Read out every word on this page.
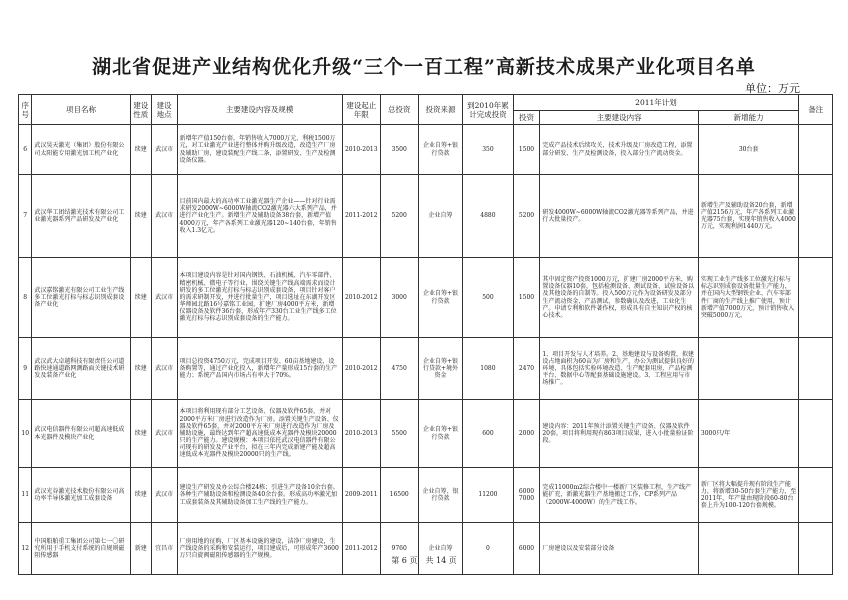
湖北省促进产业结构优化升级“三个一百工程”高新技术成果产业化项目名单
单位：万元
序号	项目名称	建设性质	建设地点	主要建设内容及规模	建设起止年限	总投资	投资来源	到2010年累计完成投资	2011年计划			备注
									投资	主要建设内容	新增能力	
6	武汉昊天激光（集团）股份有限公司太阳能专用激光加工机产业化	续建	武汉市	新增年产值150台套，年销售收入7000万元，利税1500万元，对工业激光产业进行整体并购升级改造，改造生产厂房及辅助厂房，建设装配生产线二条，添置研发、生产及检测设备仪器。	2010-2013	3500	企业自筹+银行贷款	350	1500	完成产品技术后续攻关，技术升级及厂房改造工程，添置部分研发、生产及检测设备，投入部分生产流动资金。	30台套	
7	武汉华工团结激光技术有限公司工业激光器系列产品研发及产业化	续建	武汉市	目前国内最大的高功率工业激光器生产企业——针对行业需求研发2000W~6000W轴流CO2激光器六大系列产品，并进行产业化生产。新增生产及辅助设备38台套，新增产值4000万元，年产各系列工业激光器120~140台套，年销售收入1.3亿元。	2011-2012	5200	企业自筹	4880	5200	研发4000W~6000W轴流CO2激光器等系列产品，并进行大批量投产。	新增生产及辅助设备20台套，新增产值2156万元，年产各系列工业激光器75台套，实现年销售收入4000万元，实现利润1440万元。	
8	武汉嘉铭激光有限公司工业生产线多工位激光打标与标志识别成套设备产业化	续建	武汉市	本项目建设内容是针对国内钢铁、石油机械、汽车零部件、精密机械、微电子等行业，围绕关键生产线高端需求而设计研发的多工位激光打标与标志识别成套设备，项目针对客户的需求研制开发，并进行批量生产，项目选址在东湖开发区华师园北路16号嘉铭工业园，扩建厂房4000平方米，新增仪器设备及软件36台套，形成年产330台工业生产线多工位激光打标与标志识别成套设备的生产能力。	2010-2012	3000	企业自筹+银行贷款	500	1500	其中固定资产投资1000万元，扩建厂房2000平方米，购置设备仪器10套，包括检测设备、测试设备、试验设备以及其他设备的自制等。投入500万元作为设备研发及部分生产流动资金，产品测试、参数确认及改进，工业化生产。申请专利和软件著作权，形成具有自主知识产权的核心技术。	实现工业生产线多工位激光打标与标志识别成套设备批量生产能力，并在国内大型钢铁企业、汽车零部件厂商的生产线上推广使用，预计新增产值7000万元，预计销售收入突破5000万元。	
9	武汉武大卓越科技有限责任公司道路快速通道路网测路面关键技术研发及装备产业化	续建	武汉市	项目总投资4750万元，完成项目开发、60亩基地建设、设备购置等，通过产业化投入，新增年产量形成15台套的生产能力；系统产品国内市场占有率大于70%。	2010-2012	4750	企业自筹+银行贷款+境外资金	1080	2470	1、项目开发与人才培养。2、基地建设与设备购置，拟建设占地面积为60亩为厂房和生产、办公为测试提供良好的环境，具体包括实验环境改造、生产配套用房、产品检测平台、数据中心等配套基础设施建设。3、工程应用与市场推广。		
10	武汉电信器件有限公司超高速低成本光器件及模块产业化	续建	武汉市	本项目将利用现有部分工艺设备、仪器及软件65套，并对2000平方米厂房进行改造作为厂房。添置关键生产设备、仪器及软件65套，并对2000平方米厂房进行改造作为厂房及辅助设施，最终达到年产超高速低成本光器件及模块20000只的生产能力。建设规模：本项目依托武汉电信器件有限公司现有的研发及产业平台，拟在三年内完成新建产能及超高速低成本光器件及模块20000只的生产线。	2010-2013	5500	企业自筹+银行贷款	600	2000	建设内容：2011年预计添置关键生产设备、仪器及软件20套，项目将利用现有863项目成果，进入小批量验证阶段。	3000只/年	
11	武汉光谷激光技术股份有限公司高功率半导体激光加工成套设备	续建	武汉市	建设生产研发及办公综合楼24栋；引进生产设备10余台套。各种生产辅助设备和检测设备40余台套。形成高功率激光加工成套装备及其辅助设备加工生产线的生产能力。	2009-2011	16500	企业自筹、银行贷款	11200	6000 7000	完成11000m2综合楼中一楼新厂区装修工程，生产线产能扩充，新激光器生产基地搬迁工作，CP系列产品（2000W-4000W）的生产线工作。	新厂区将大幅提升现有阶段生产能力，将新增30-50台套生产能力，至2011年，年产量由现阶段60-80台套上升为100-120台套规模。	
12	中国船舶重工集团公司第七一〇研究所用于手机支付系统的自规则磁阻传感器	新建	宜昌市	厂房用地的征购，厂区基本设施的建设，洁净厂房建设，生产线设备的采购和安装运行，项目建成后，可形成年产3600万只自旋阀磁阻传感器的生产规模。	2011-2012	9760	企业自筹	0	6000	厂房建设以及安装部分设备		
第 6 页　共 14 页
